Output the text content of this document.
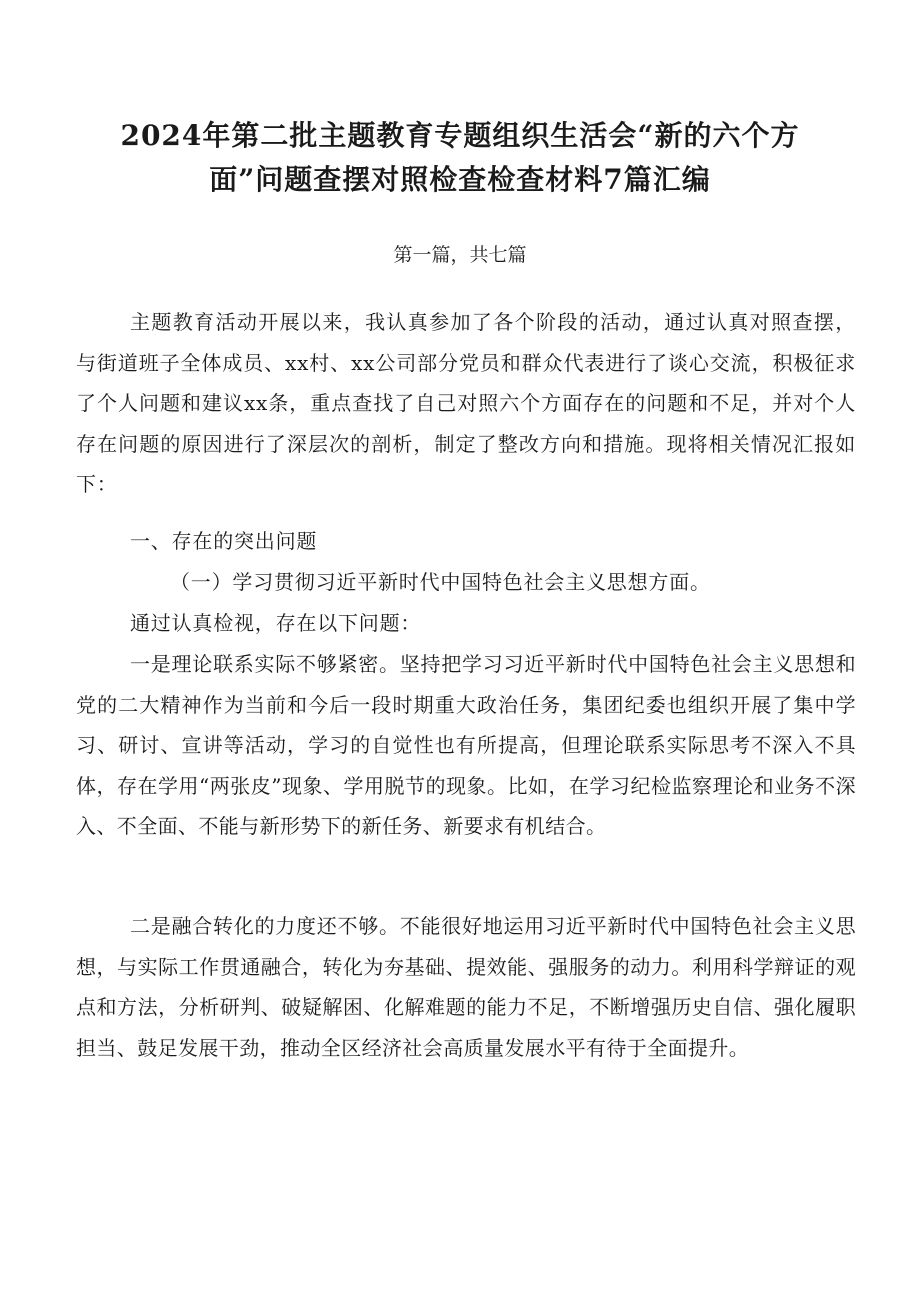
2024年第二批主题教育专题组织生活会“新的六个方
面”问题查摆对照检查检查材料7篇汇编

第一篇，共七篇

主题教育活动开展以来，我认真参加了各个阶段的活动，通过认真对照查摆，与街道班子全体成员、xx村、xx公司部分党员和群众代表进行了谈心交流，积极征求了个人问题和建议xx条，重点查找了自己对照六个方面存在的问题和不足，并对个人存在问题的原因进行了深层次的剖析，制定了整改方向和措施。现将相关情况汇报如下：

一、存在的突出问题

（一）学习贯彻习近平新时代中国特色社会主义思想方面。

通过认真检视，存在以下问题：

一是理论联系实际不够紧密。坚持把学习习近平新时代中国特色社会主义思想和党的二大精神作为当前和今后一段时期重大政治任务，集团纪委也组织开展了集中学习、研讨、宣讲等活动，学习的自觉性也有所提高，但理论联系实际思考不深入不具体，存在学用“两张皮”现象、学用脱节的现象。比如，在学习纪检监察理论和业务不深入、不全面、不能与新形势下的新任务、新要求有机结合。

二是融合转化的力度还不够。不能很好地运用习近平新时代中国特色社会主义思想，与实际工作贯通融合，转化为夯基础、提效能、强服务的动力。利用科学辩证的观点和方法，分析研判、破疑解困、化解难题的能力不足，不断增强历史自信、强化履职担当、鼓足发展干劲，推动全区经济社会高质量发展水平有待于全面提升。
